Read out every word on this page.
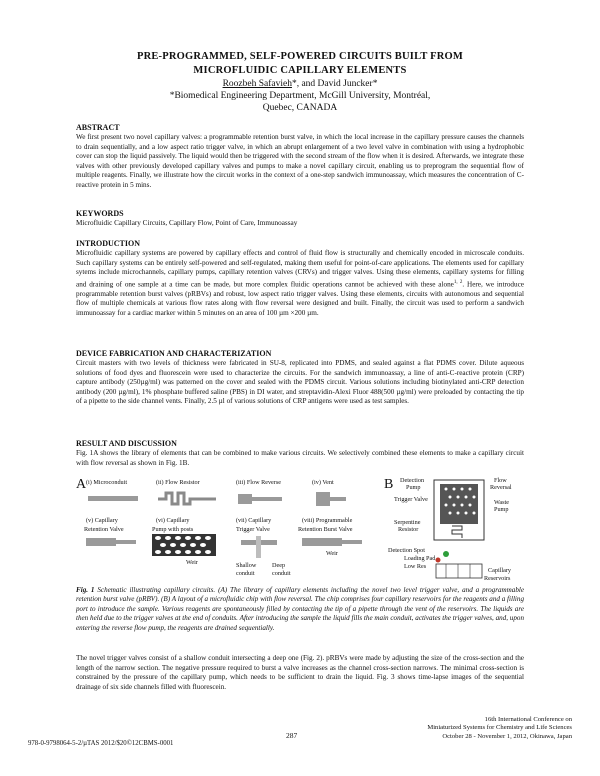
PRE-PROGRAMMED, SELF-POWERED CIRCUITS BUILT FROM
MICROFLUIDIC CAPILLARY ELEMENTS
Roozbeh Safavieh*, and David Juncker*
*Biomedical Engineering Department, McGill University, Montréal,
Quebec, CANADA
ABSTRACT
We first present two novel capillary valves: a programmable retention burst valve, in which the local increase in the capillary pressure causes the channels to drain sequentially, and a low aspect ratio trigger valve, in which an abrupt enlargement of a two level valve in combination with using a hydrophobic cover can stop the liquid passively. The liquid would then be triggered with the second stream of the flow when it is desired. Afterwards, we integrate these valves with other previously developed capillary valves and pumps to make a novel capillary circuit, enabling us to preprogram the sequential flow of multiple reagents. Finally, we illustrate how the circuit works in the context of a one-step sandwich immunoassay, which measures the concentration of C-reactive protein in 5 mins.
KEYWORDS
Microfluidic Capillary Circuits, Capillary Flow, Point of Care, Immunoassay
INTRODUCTION
Microfluidic capillary systems are powered by capillary effects and control of fluid flow is structurally and chemically encoded in microscale conduits. Such capillary systems can be entirely self-powered and self-regulated, making them useful for point-of-care applications. The elements used for capillary sytems include microchannels, capillary pumps, capillary retention valves (CRVs) and trigger valves. Using these elements, capillary systems for filling and draining of one sample at a time can be made, but more complex fluidic operations cannot be achieved with these alone$^{1, 2}$. Here, we introduce programmable retention burst valves (pRBVs) and robust, low aspect ratio trigger valves. Using these elements, circuits with autonomous and sequential flow of multiple chemicals at various flow rates along with flow reversal were designed and built. Finally, the circuit was used to perform a sandwich immunoassay for a cardiac marker within 5 minutes on an area of 100 µm ×200 µm.
DEVICE FABRICATION AND CHARACTERIZATION
Circuit masters with two levels of thickness were fabricated in SU-8, replicated into PDMS, and sealed against a flat PDMS cover. Dilute aqueous solutions of food dyes and fluorescein were used to characterize the circuits. For the sandwich immunoassay, a line of anti-C-reactive protein (CRP) capture antibody (250µg/ml) was patterned on the cover and sealed with the PDMS circuit. Various solutions including biotinylated anti-CRP detection antibody (200 µg/ml), 1% phosphate buffered saline (PBS) in DI water, and streptavidin-Alexi Fluor 488(500 µg/ml) were preloaded by contacting the tip of a pipette to the side channel vents. Finally, 2.5 µl of various solutions of CRP antigens were used as test samples.
RESULT AND DISCUSSION
Fig. 1A shows the library of elements that can be combined to make various circuits. We selectively combined these elements to make a capillary circuit with flow reversal as shown in Fig. 1B.
A (i) Microconduit	(ii) Flow Resistor	(iii) Flow Reverse	(iv) Vent
(v) Capillary
Retention Valve
(vi) Capillary
Pump with posts
(vii) Capillary
Trigger Valve
(viii) Programmable
Retention Burst Valve
Weir
Weir	Shallow
conduit
Deep
conduit
B Detection
Pump
Trigger Valve
Flow
Reversal
Waste
Pump
Serpentine
Resistor
Detection Spot
Loading Pad
Low Res
Capillary
Reservoirs
Fig. 1 Schematic illustrating capillary circuits. (A) The library of capillary elements including the novel two level trigger valve, and a programmable retention burst valve (pRBV). (B) A layout of a microfluidic chip with flow reversal. The chip comprises four capillary reservoirs for the reagents and a filling port to introduce the sample. Various reagents are spontaneously filled by contacting the tip of a pipette through the vent of the reservoirs. The liquids are then held due to the trigger valves at the end of conduits. After introducing the sample the liquid fills the main conduit, activates the trigger valves, and, upon entering the reverse flow pump, the reagents are drained sequentially.
The novel trigger valves consist of a shallow conduit intersecting a deep one (Fig. 2). pRBVs were made by adjusting the size of the cross-section and the length of the narrow section. The negative pressure required to burst a valve increases as the channel cross-section narrows. The minimal cross-section is constrained by the pressure of the capillary pump, which needs to be sufficient to drain the liquid. Fig. 3 shows time-lapse images of the sequential drainage of six side channels filled with fluorescein.
978-0-9798064-5-2/µTAS 2012/$20©12CBMS-0001
287
16th International Conference on
Miniaturized Systems for Chemistry and Life Sciences
October 28 - November 1, 2012, Okinawa, Japan
